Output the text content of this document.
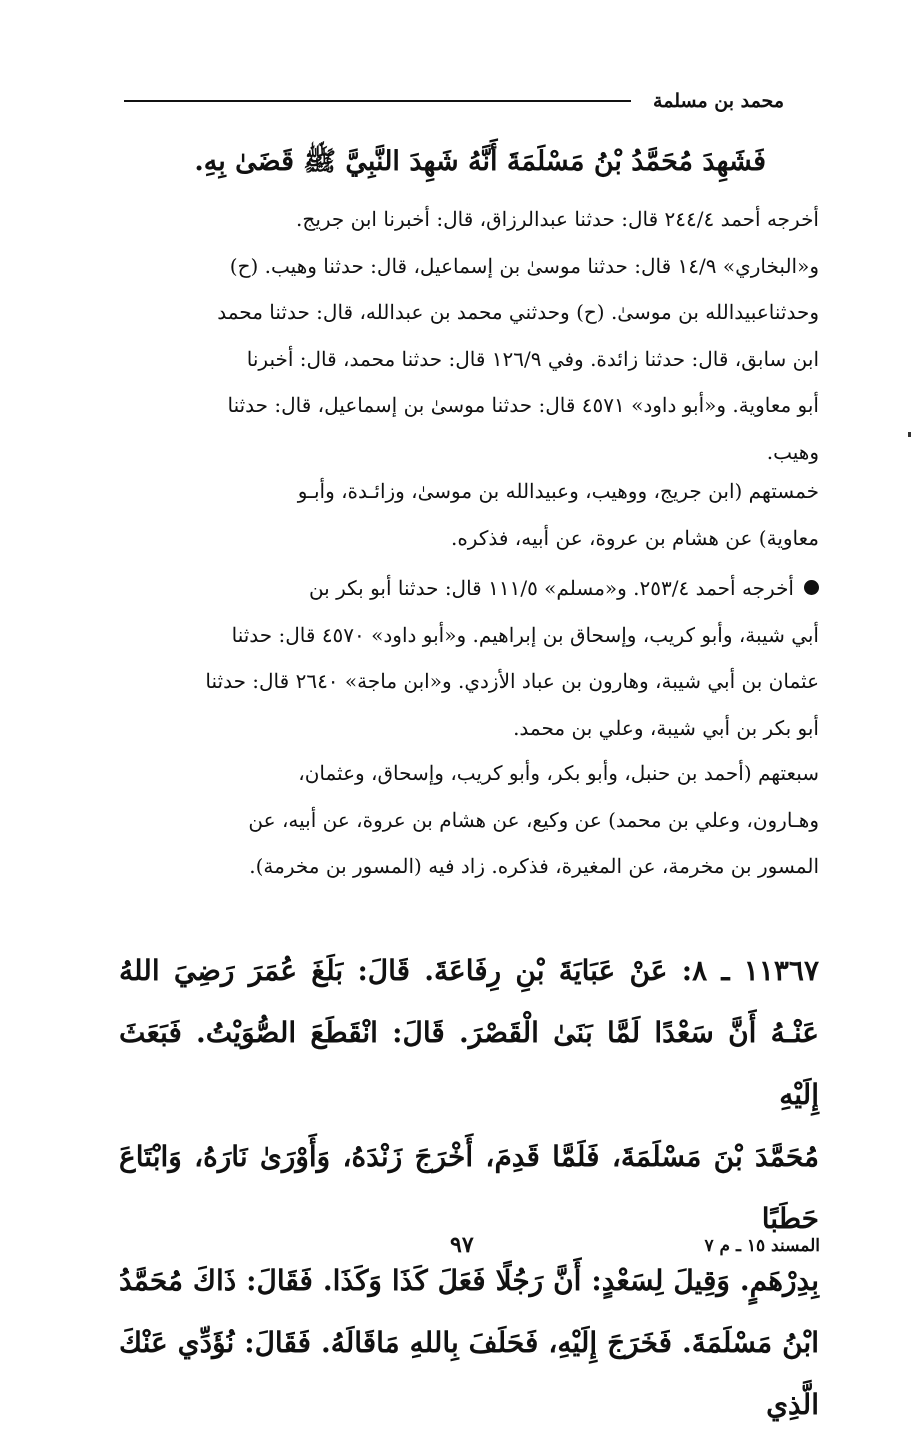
محمد بن مسلمة
فَشَهِدَ مُحَمَّدُ بْنُ مَسْلَمَةَ أَنَّهُ شَهِدَ النَّبِيَّ ﷺ قَضَىٰ بِهِ.

أخرجه أحمد ٢٤٤/٤ قال: حدثنا عبدالرزاق، قال: أخبرنا ابن جريج.

و«البخاري» ١٤/٩ قال: حدثنا موسىٰ بن إسماعيل، قال: حدثنا وهيب. (ح)

وحدثناعبيدالله بن موسىٰ. (ح) وحدثني محمد بن عبدالله، قال: حدثنا محمد

ابن سابق، قال: حدثنا زائدة. وفي ١٢٦/٩ قال: حدثنا محمد، قال: أخبرنا

أبو معاوية. و«أبو داود» ٤٥٧١ قال: حدثنا موسىٰ بن إسماعيل، قال: حدثنا

وهيب.

خمستهم (ابن جريج، ووهيب، وعبيدالله بن موسىٰ، وزائـدة، وأبـو

معاوية) عن هشام بن عروة، عن أبيه، فذكره.

أخرجه أحمد ٢٥٣/٤. و«مسلم» ١١١/٥ قال: حدثنا أبو بكر بن

أبي شيبة، وأبو كريب، وإسحاق بن إبراهيم. و«أبو داود» ٤٥٧٠ قال: حدثنا

عثمان بن أبي شيبة، وهارون بن عباد الأزدي. و«ابن ماجة» ٢٦٤٠ قال: حدثنا

أبو بكر بن أبي شيبة، وعلي بن محمد.

سبعتهم (أحمد بن حنبل، وأبو بكر، وأبو كريب، وإسحاق، وعثمان،

وهـارون، وعلي بن محمد) عن وكيع، عن هشام بن عروة، عن أبيه، عن

المسور بن مخرمة، عن المغيرة، فذكره. زاد فيه (المسور بن مخرمة).

١١٣٦٧ ـ ٨: عَنْ عَبَايَةَ بْنِ رِفَاعَةَ. قَالَ: بَلَغَ عُمَرَ رَضِيَ اللهُ

عَنْـهُ أَنَّ سَعْدًا لَمَّا بَنَىٰ الْقَصْرَ. قَالَ: انْقَطَعَ الصُّوَيْتُ. فَبَعَثَ إِلَيْهِ

مُحَمَّدَ بْنَ مَسْلَمَةَ، فَلَمَّا قَدِمَ، أَخْرَجَ زَنْدَهُ، وَأَوْرَىٰ نَارَهُ، وَابْتَاعَ حَطَبًا

بِدِرْهَمٍ. وَقِيلَ لِسَعْدٍ: أَنَّ رَجُلًا فَعَلَ كَذَا وَكَذَا. فَقَالَ: ذَاكَ مُحَمَّدُ

ابْنُ مَسْلَمَةَ. فَخَرَجَ إِلَيْهِ، فَحَلَفَ بِاللهِ مَاقَالَهُ. فَقَالَ: نُؤَدِّي عَنْكَ الَّذِي

٩٧	المسند ١٥ ـ م ٧
